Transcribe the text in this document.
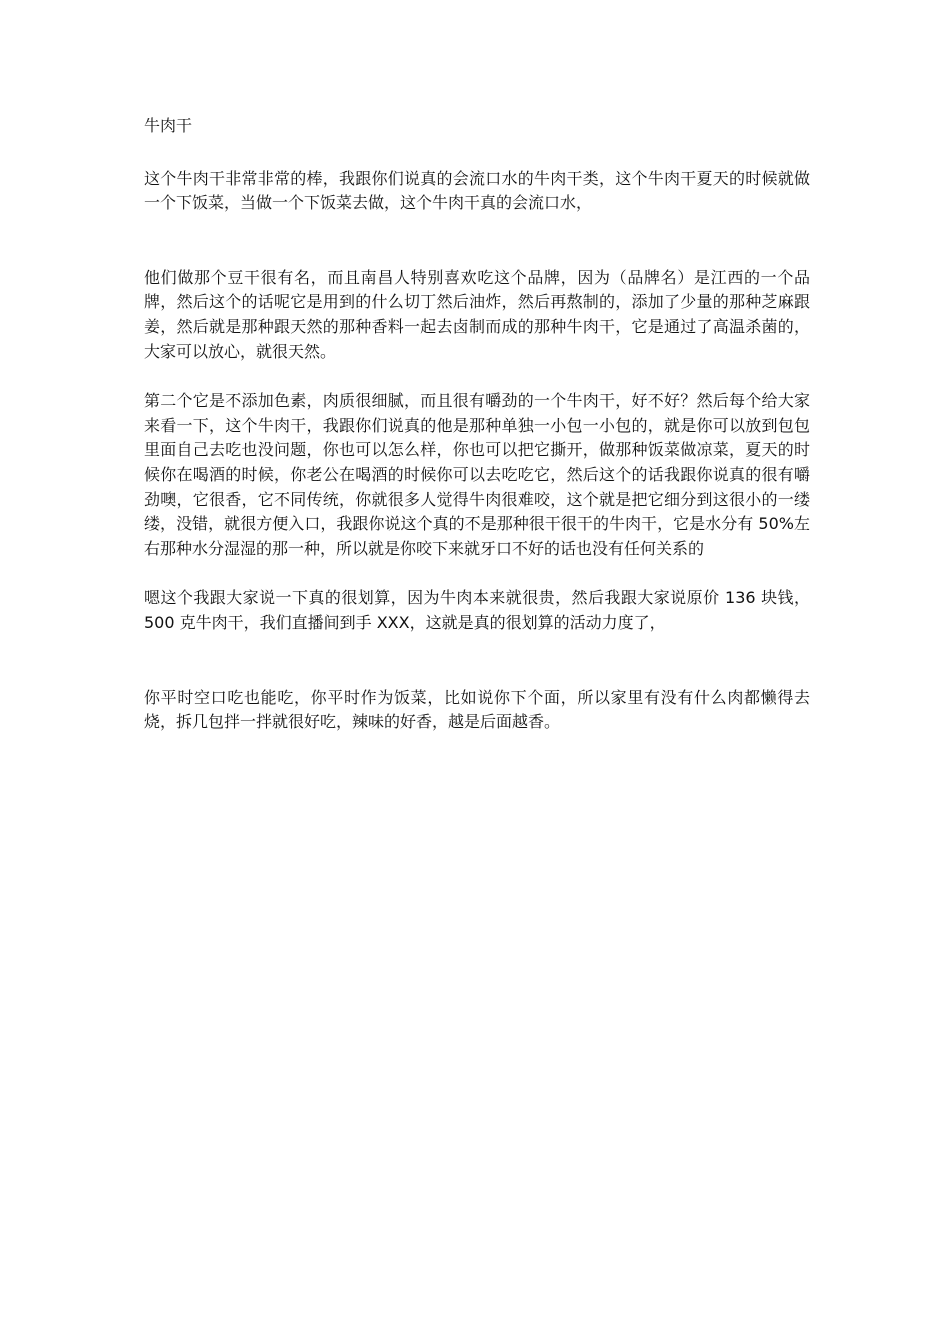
牛肉干

这个牛肉干非常非常的棒，我跟你们说真的会流口水的牛肉干类，这个牛肉干夏天的时候就做一个下饭菜，当做一个下饭菜去做，这个牛肉干真的会流口水，

他们做那个豆干很有名，而且南昌人特别喜欢吃这个品牌，因为（品牌名）是江西的一个品牌，然后这个的话呢它是用到的什么切丁然后油炸，然后再熬制的，添加了少量的那种芝麻跟姜，然后就是那种跟天然的那种香料一起去卤制而成的那种牛肉干，它是通过了高温杀菌的，大家可以放心，就很天然。

第二个它是不添加色素，肉质很细腻，而且很有嚼劲的一个牛肉干，好不好？然后每个给大家来看一下，这个牛肉干，我跟你们说真的他是那种单独一小包一小包的，就是你可以放到包包里面自己去吃也没问题，你也可以怎么样，你也可以把它撕开，做那种饭菜做凉菜，夏天的时候你在喝酒的时候，你老公在喝酒的时候你可以去吃吃它，然后这个的话我跟你说真的很有嚼劲噢，它很香，它不同传统，你就很多人觉得牛肉很难咬，这个就是把它细分到这很小的一缕缕，没错，就很方便入口，我跟你说这个真的不是那种很干很干的牛肉干，它是水分有 50%左右那种水分湿湿的那一种，所以就是你咬下来就牙口不好的话也没有任何关系的

嗯这个我跟大家说一下真的很划算，因为牛肉本来就很贵，然后我跟大家说原价 136 块钱，500 克牛肉干，我们直播间到手 XXX，这就是真的很划算的活动力度了，

你平时空口吃也能吃，你平时作为饭菜，比如说你下个面，所以家里有没有什么肉都懒得去烧，拆几包拌一拌就很好吃，辣味的好香，越是后面越香。
